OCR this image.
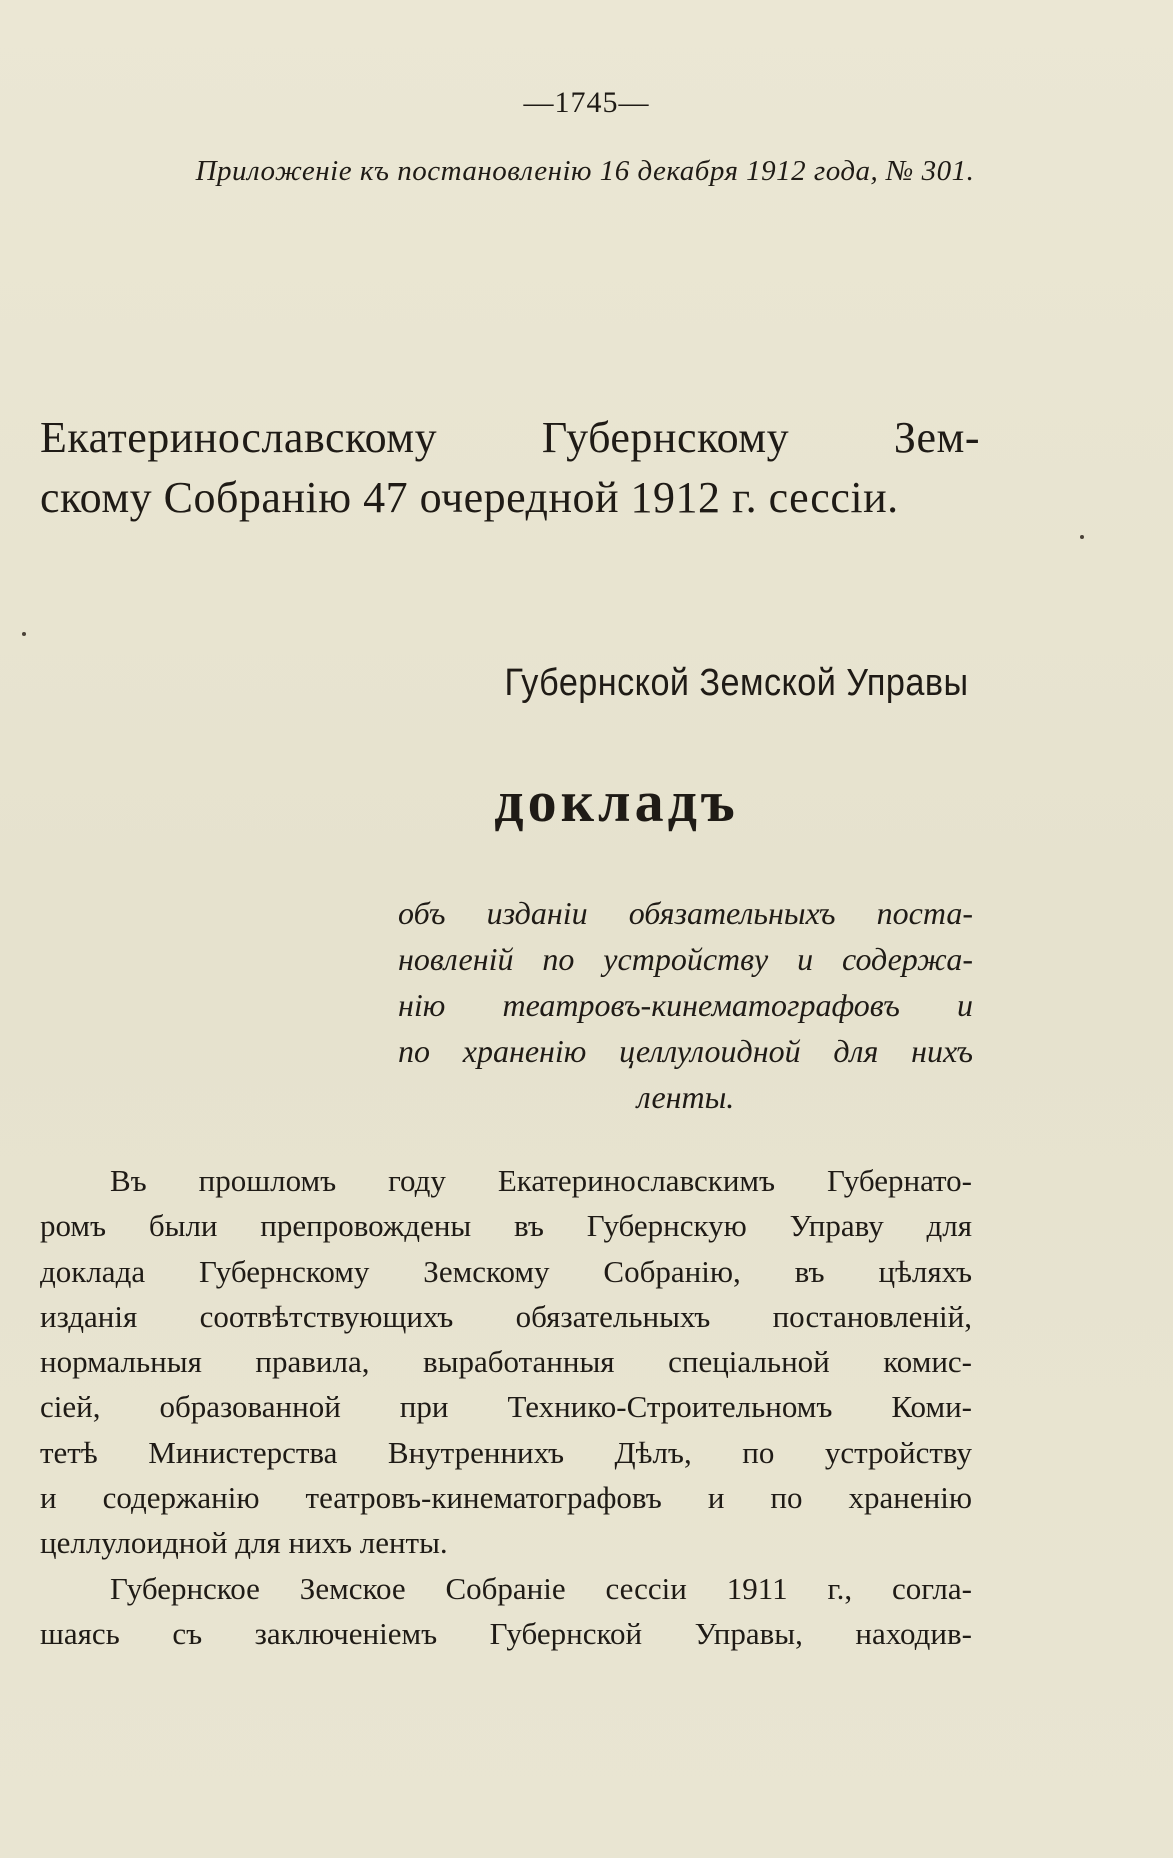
—1745—
Приложеніе къ постановленію 16 декабря 1912 года, № 301.
Екатеринославскому Губернскому Зем-
скому Собранію 47 очередной 1912 г. сессіи.
Губернской Земской Управы
докладъ
объ изданіи обязательныхъ поста-
новленій по устройству и содержа-
нію театровъ-кинематографовъ и
по храненію целлулоидной для нихъ
ленты.
Въ прошломъ году Екатеринославскимъ Губернато-
ромъ были препровождены въ Губернскую Управу для
доклада Губернскому Земскому Собранію, въ цѣляхъ
изданія соотвѣтствующихъ обязательныхъ постановленій,
нормальныя правила, выработанныя спеціальной комис-
сіей, образованной при Технико-Строительномъ Коми-
тетѣ Министерства Внутреннихъ Дѣлъ, по устройству
и содержанію театровъ-кинематографовъ и по храненію
целлулоидной для нихъ ленты.
Губернское Земское Собраніе сессіи 1911 г., согла-
шаясь съ заключеніемъ Губернской Управы, находив-
